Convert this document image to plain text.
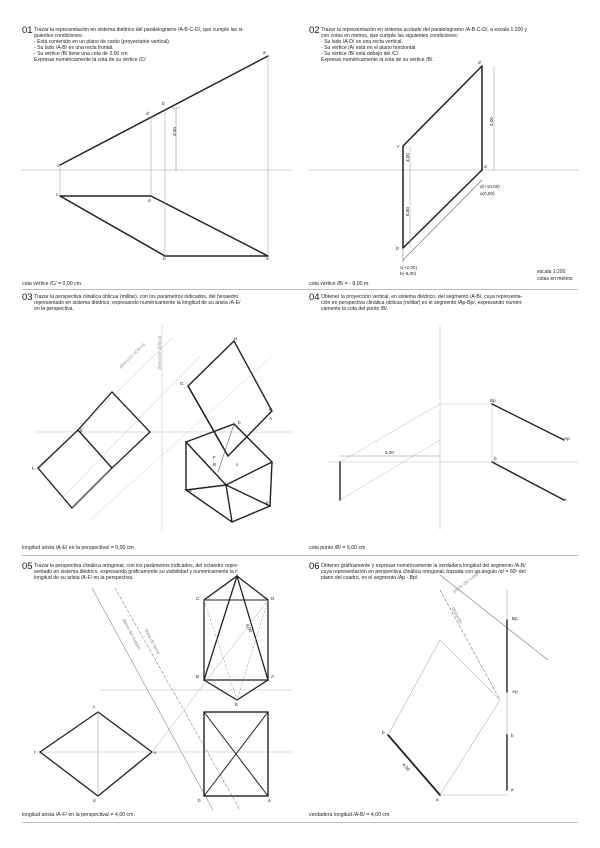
01 Trazar la representación en sistema diédrico del paralelogramo /A-B-C-D/, que cumple las si-
guientes condiciones:
- Está contenido en un plano de canto (proyectante vertical).
- Su lado /A-B/ es una recta frontal.
- Su vértice /B/ tiene una cota de 3,00 cm.
Expresar numéricamente la cota de su vértice /C/.
02 Trazar la representación en sistema acotado del paralelogramo /A-B-C-D/, a escala 1:200 y
con cotas en metros, que cumple las siguientes condiciones:
- Su lado /A-D/ es una recta vertical.
- Su vértice /A/ está en el plano horizontal.
- Su vértice /B/ está debajo del /C/.
Expresar numéricamente la cota de su vértice /B/.
03 Trazar la perspectiva clinálica oblicua (militar), con los parámetros indicados, del hexaedro
representado en sistema diédrico, expresando numéricamente la longitud de su arista /A-E/
en la perspectiva.
04 Obtener la proyección vertical, en sistema diédrico, del segmento /A-B/, cuya representa-
ción en perspectiva clinálica oblicua (militar) es el segmento /Ap-Bp/, expresando numéri-
camente la cota del punto /B/.
05 Trazar la perspectiva clinálica ortogonal, con los parámetros indicados, del octaedro repre-
sentado en sistema diédrico, expresando gráficamente su visibilidad y numéricamente la
longitud de su arista /A-F/ en la perspectiva.
06 Obtener gráficamente y expresar numéricamente la verdadera longitud del segmento /A-B/
cuya representación en perspectiva clinálica ortogonal, trazada con un ángulo /α/ = 60º del
plano del cuadro, es el segmento /Ap - Bp/.
cota vértice /C/ = 0,00 cm.	cota vértice /B/ = - 8,00 m.
longitud arista /A-E/ en la perspectiva/ = 0,00 cm.	cota punto /B/ = 5,00 cm.
longitud arista /A-F/ en la perspectiva/ = 4,00 cm.	verdadera longitud /A-B/ = 4,00 cm.
a'
b'
d'
c'
c
d
b	a
3,00
d'
a'
c'
b'
d(+10,00)
a(0,00)
c(+2,00)
b(-8,00)
3,00
4,00
8,00
escala 1:200
cotas en metros
dirección oblicua dirección oblicua	H
G
E
A
b
F
B	c
a
e
g
h
Bp
Ap
b
a
5,00
plano del cuadro línea de tierra
F
C	D
B	A
E
f
c
e
d	b	a
4,00
plano del cuadro
dirección	Bp
Ap
b
a
b
a
4,00
